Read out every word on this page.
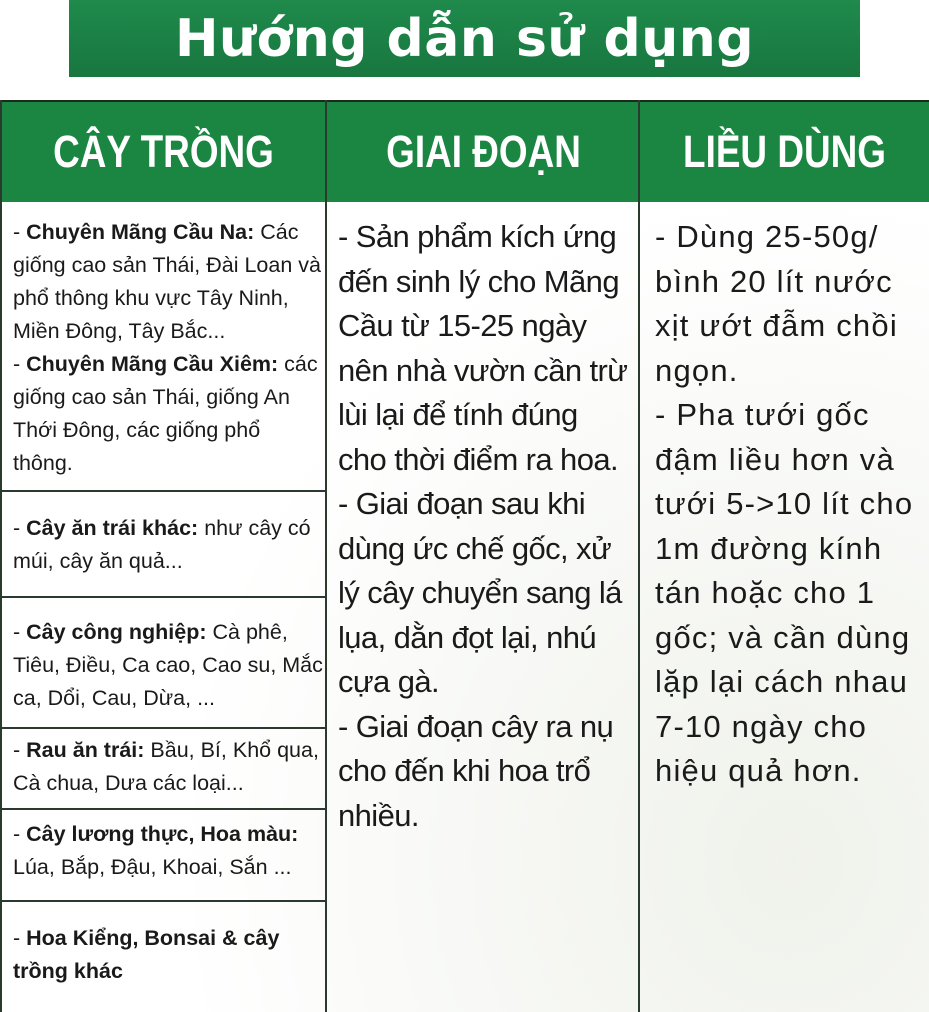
Hướng dẫn sử dụng
CÂY TRỒNG	GIAI ĐOẠN	LIỀU DÙNG
- Chuyên Mãng Cầu Na: Các giống cao sản Thái, Đài Loan và phổ thông khu vực Tây Ninh, Miền Đông, Tây Bắc...
- Chuyên Mãng Cầu Xiêm: các giống cao sản Thái, giống An Thới Đông, các giống phổ thông.
- Cây ăn trái khác: như cây có múi, cây ăn quả...
- Cây công nghiệp: Cà phê, Tiêu, Điều, Ca cao, Cao su, Mắc ca, Dổi, Cau, Dừa, ...
- Rau ăn trái: Bầu, Bí, Khổ qua, Cà chua, Dưa các loại...
- Cây lương thực, Hoa màu: Lúa, Bắp, Đậu, Khoai, Sắn ...
- Hoa Kiểng, Bonsai & cây trồng khác
- Sản phẩm kích ứng đến sinh lý cho Mãng Cầu từ 15-25 ngày nên nhà vườn cần trừ lùi lại để tính đúng cho thời điểm ra hoa.
- Giai đoạn sau khi dùng ức chế gốc, xử lý cây chuyển sang lá lụa, dằn đọt lại, nhú cựa gà.
- Giai đoạn cây ra nụ cho đến khi hoa trổ nhiều.
- Dùng 25-50g/ bình 20 lít nước xịt ướt đẫm chồi ngọn.
- Pha tưới gốc đậm liều hơn và tưới 5->10 lít cho 1m đường kính tán hoặc cho 1 gốc; và cần dùng lặp lại cách nhau 7-10 ngày cho hiệu quả hơn.
